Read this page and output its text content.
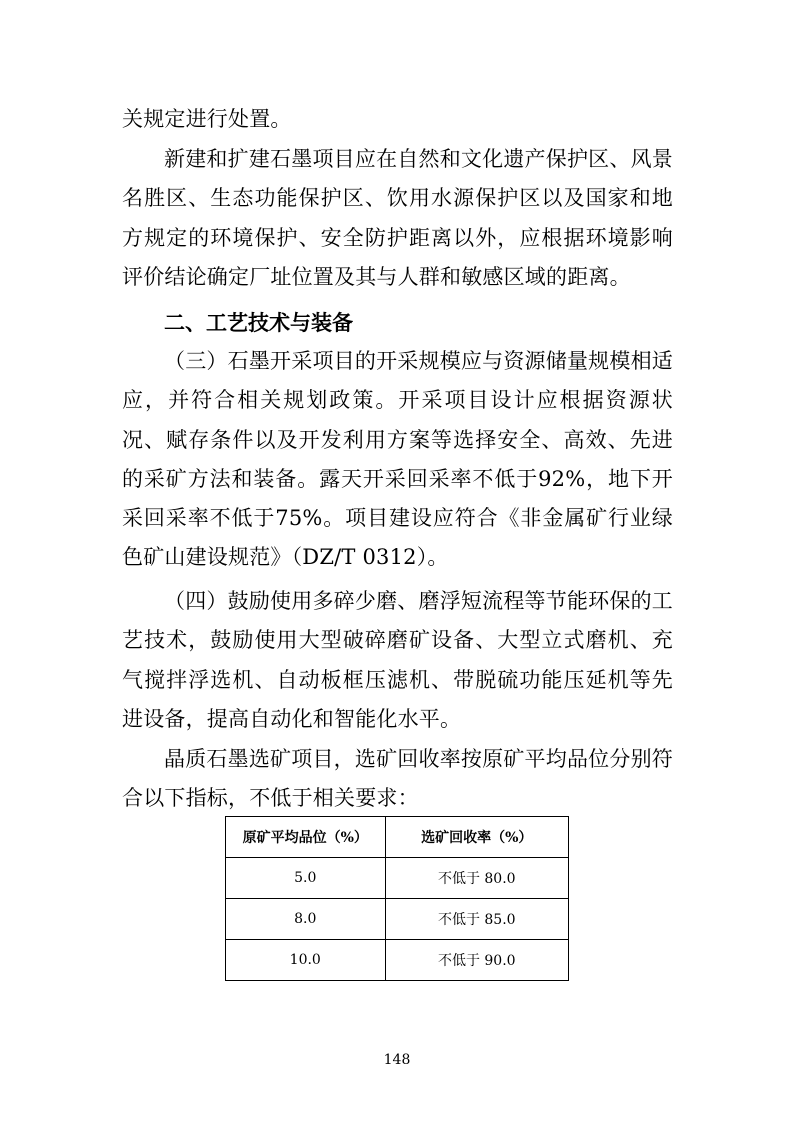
关规定进行处置。

新建和扩建石墨项目应在自然和文化遗产保护区、风景名胜区、生态功能保护区、饮用水源保护区以及国家和地方规定的环境保护、安全防护距离以外，应根据环境影响评价结论确定厂址位置及其与人群和敏感区域的距离。

二、工艺技术与装备

（三）石墨开采项目的开采规模应与资源储量规模相适应，并符合相关规划政策。开采项目设计应根据资源状况、赋存条件以及开发利用方案等选择安全、高效、先进的采矿方法和装备。露天开采回采率不低于92%，地下开采回采率不低于75%。项目建设应符合《非金属矿行业绿色矿山建设规范》（DZ/T 0312）。

（四）鼓励使用多碎少磨、磨浮短流程等节能环保的工艺技术，鼓励使用大型破碎磨矿设备、大型立式磨机、充气搅拌浮选机、自动板框压滤机、带脱硫功能压延机等先进设备，提高自动化和智能化水平。

晶质石墨选矿项目，选矿回收率按原矿平均品位分别符合以下指标，不低于相关要求：

原矿平均品位（%）	选矿回收率（%）
5.0	不低于 80.0
8.0	不低于 85.0
10.0	不低于 90.0
148
